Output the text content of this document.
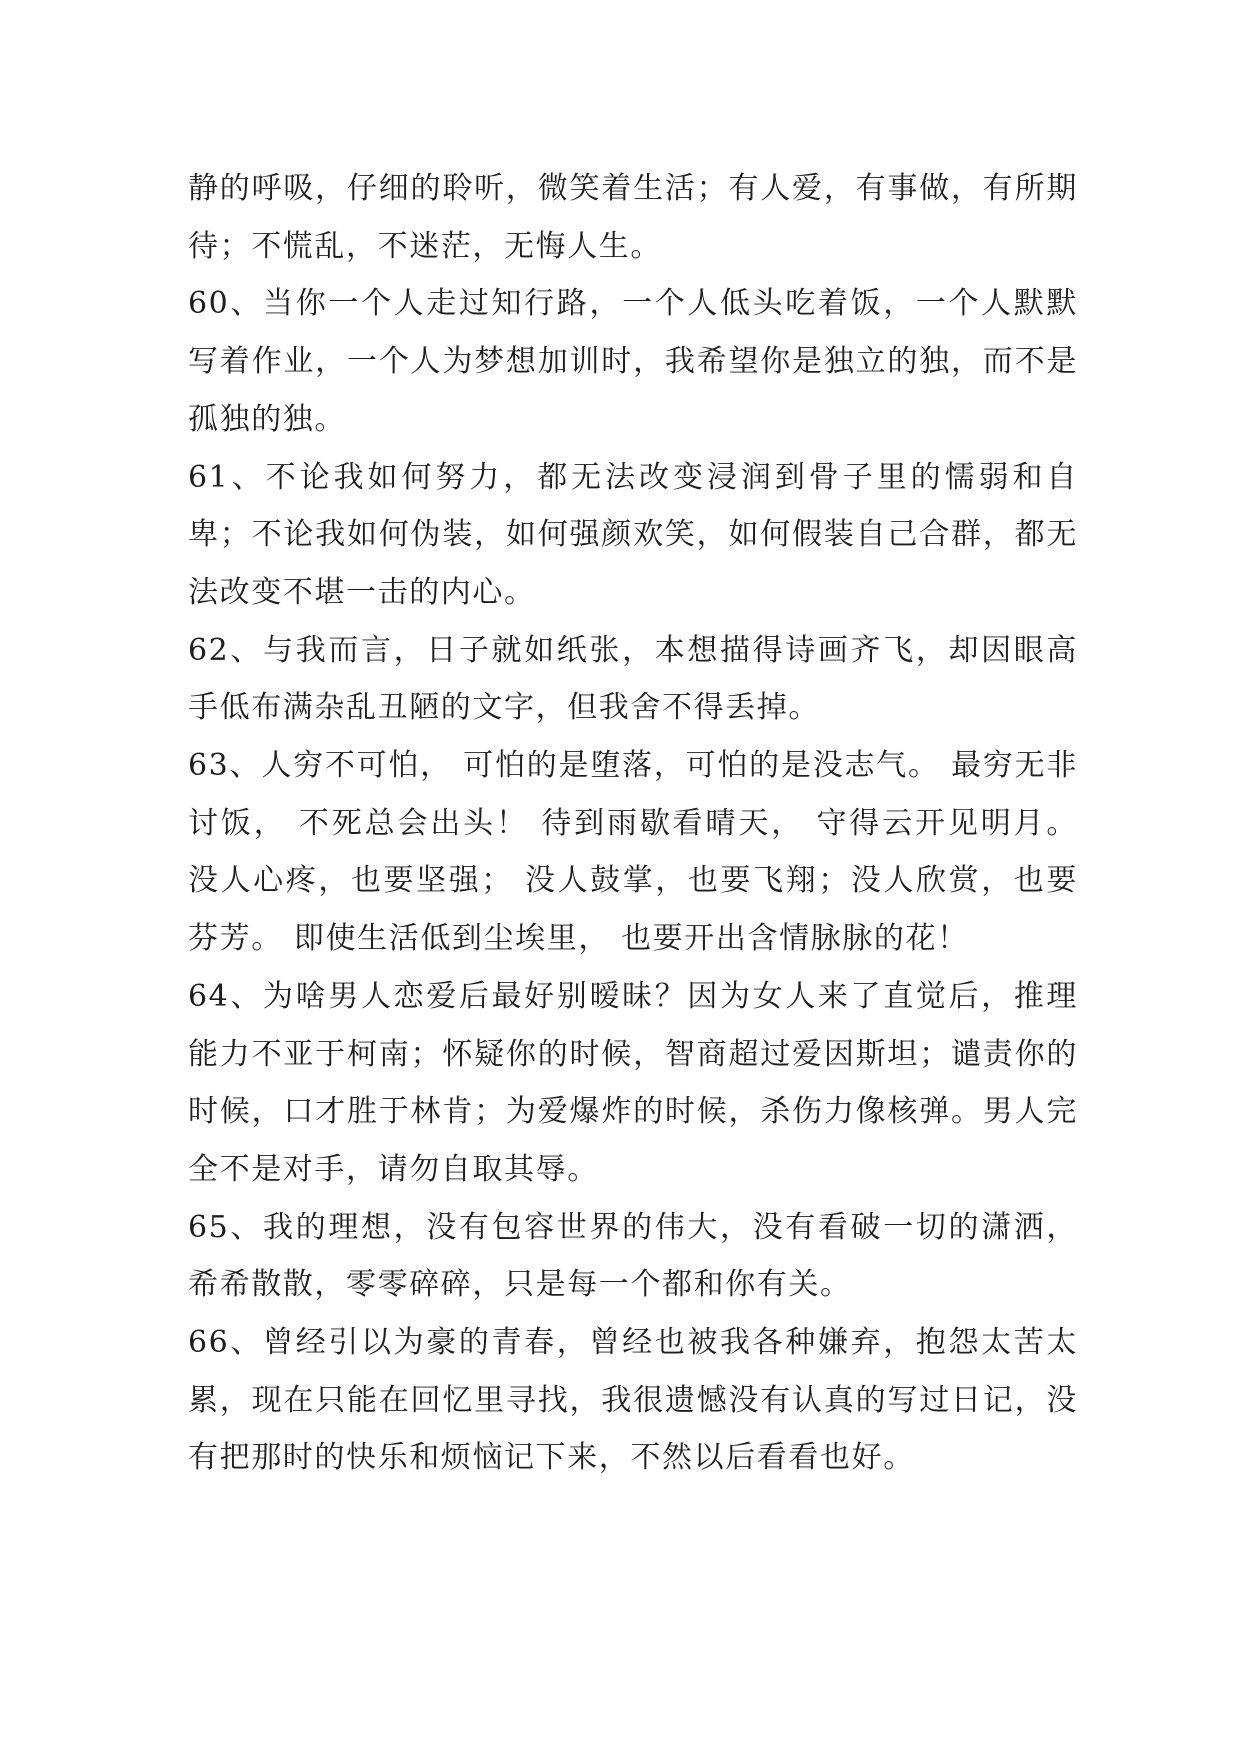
静的呼吸，仔细的聆听，微笑着生活；有人爱，有事做，有所期待；不慌乱，不迷茫，无悔人生。

60、当你一个人走过知行路，一个人低头吃着饭，一个人默默写着作业，一个人为梦想加训时，我希望你是独立的独，而不是孤独的独。

61、不论我如何努力，都无法改变浸润到骨子里的懦弱和自卑；不论我如何伪装，如何强颜欢笑，如何假装自己合群，都无法改变不堪一击的内心。

62、与我而言，日子就如纸张，本想描得诗画齐飞，却因眼高手低布满杂乱丑陋的文字，但我舍不得丢掉。

63、人穷不可怕， 可怕的是堕落，可怕的是没志气。 最穷无非讨饭， 不死总会出头！ 待到雨歇看晴天， 守得云开见明月。 没人心疼，也要坚强； 没人鼓掌，也要飞翔；没人欣赏，也要芬芳。 即使生活低到尘埃里， 也要开出含情脉脉的花！

64、为啥男人恋爱后最好别暧昧？因为女人来了直觉后，推理能力不亚于柯南；怀疑你的时候，智商超过爱因斯坦；谴责你的时候，口才胜于林肯；为爱爆炸的时候，杀伤力像核弹。男人完全不是对手，请勿自取其辱。

65、我的理想，没有包容世界的伟大，没有看破一切的潇洒，希希散散，零零碎碎，只是每一个都和你有关。

66、曾经引以为豪的青春，曾经也被我各种嫌弃，抱怨太苦太累，现在只能在回忆里寻找，我很遗憾没有认真的写过日记，没有把那时的快乐和烦恼记下来，不然以后看看也好。
